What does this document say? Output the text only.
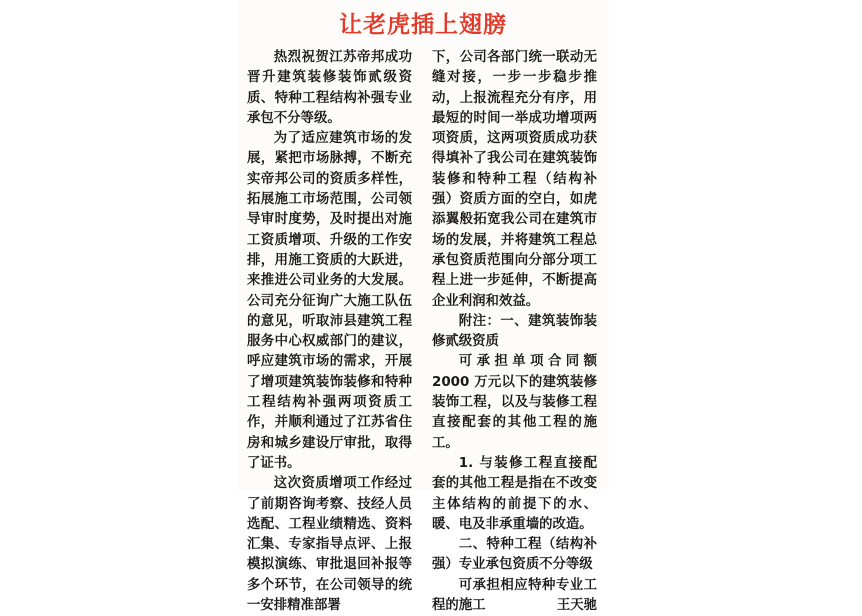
让老虎插上翅膀

热烈祝贺江苏帝邦成功晋升建筑装修装饰贰级资质、特种工程结构补强专业承包不分等级。

为了适应建筑市场的发展，紧把市场脉搏，不断充实帝邦公司的资质多样性，拓展施工市场范围，公司领导审时度势，及时提出对施工资质增项、升级的工作安排，用施工资质的大跃进，来推进公司业务的大发展。公司充分征询广大施工队伍的意见，听取沛县建筑工程服务中心权威部门的建议，呼应建筑市场的需求，开展了增项建筑装饰装修和特种工程结构补强两项资质工作，并顺利通过了江苏省住房和城乡建设厅审批，取得了证书。

这次资质增项工作经过了前期咨询考察、技经人员选配、工程业绩精选、资料汇集、专家指导点评、上报模拟演练、审批退回补报等多个环节，在公司领导的统一安排精准部署

下，公司各部门统一联动无缝对接，一步一步稳步推动，上报流程充分有序，用最短的时间一举成功增项两项资质，这两项资质成功获得填补了我公司在建筑装饰装修和特种工程（结构补强）资质方面的空白，如虎添翼般拓宽我公司在建筑市场的发展，并将建筑工程总承包资质范围向分部分项工程上进一步延伸，不断提高企业利润和效益。

附注：一、建筑装饰装修贰级资质

可承担单项合同额 2000 万元以下的建筑装修装饰工程，以及与装修工程直接配套的其他工程的施工。

1. 与装修工程直接配套的其他工程是指在不改变主体结构的前提下的水、暖、电及非承重墙的改造。

二、特种工程（结构补强）专业承包资质不分等级

可承担相应特种专业工程的施工	王天驰
